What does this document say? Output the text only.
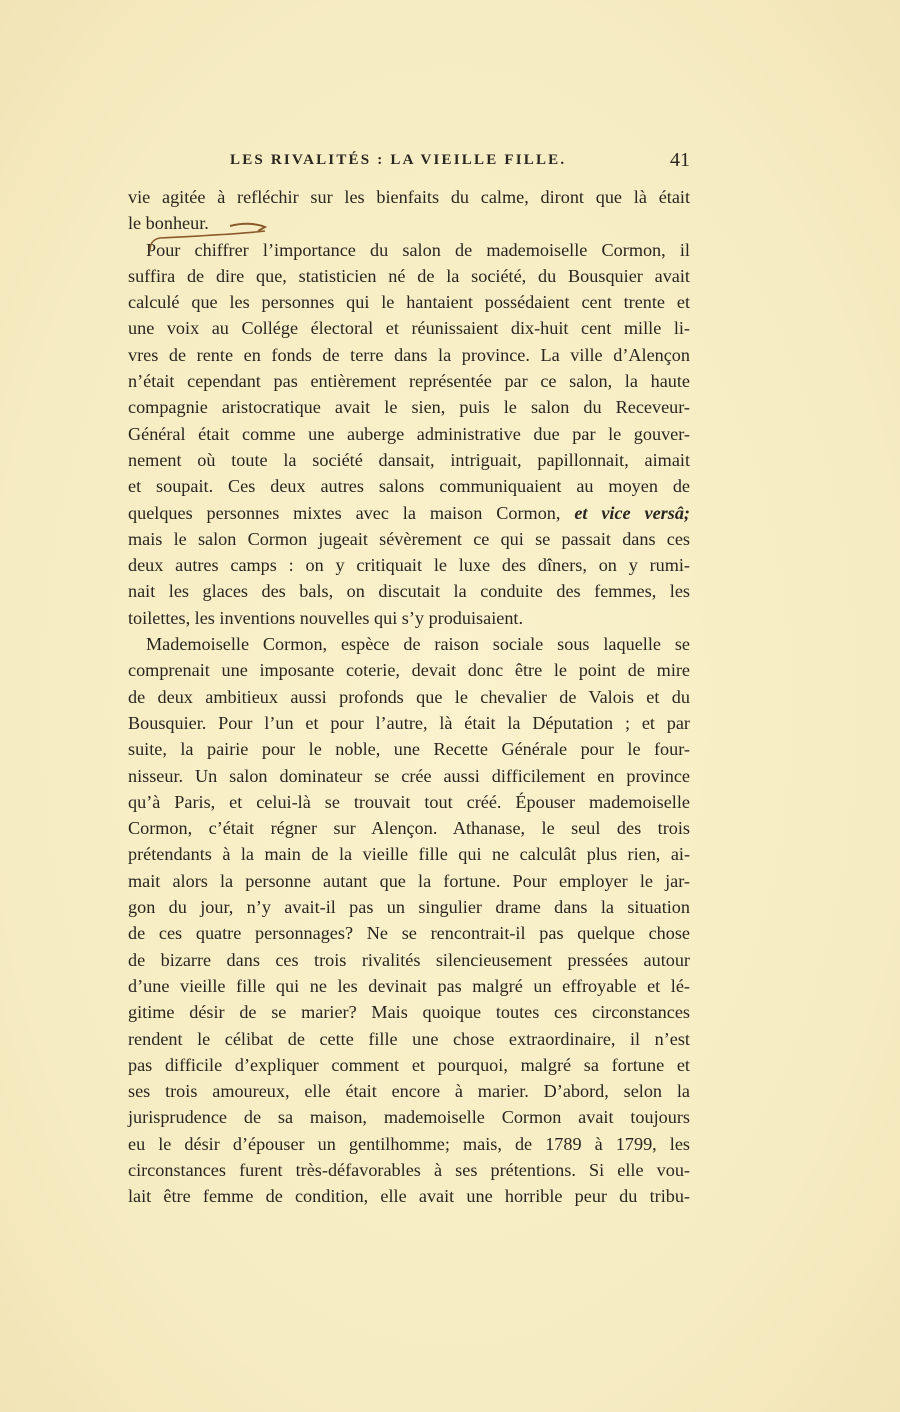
LES RIVALITÉS : LA VIEILLE FILLE.	41
vie agitée à refléchir sur les bienfaits du calme, diront que là était
le bonheur.
Pour chiffrer l’importance du salon de mademoiselle Cormon, il
suffira de dire que, statisticien né de la société, du Bousquier avait
calculé que les personnes qui le hantaient possédaient cent trente et
une voix au Collége électoral et réunissaient dix-huit cent mille li-
vres de rente en fonds de terre dans la province. La ville d’Alençon
n’était cependant pas entièrement représentée par ce salon, la haute
compagnie aristocratique avait le sien, puis le salon du Receveur-
Général était comme une auberge administrative due par le gouver-
nement où toute la société dansait, intriguait, papillonnait, aimait
et soupait. Ces deux autres salons communiquaient au moyen de
quelques personnes mixtes avec la maison Cormon, et vice versâ;
mais le salon Cormon jugeait sévèrement ce qui se passait dans ces
deux autres camps : on y critiquait le luxe des dîners, on y rumi-
nait les glaces des bals, on discutait la conduite des femmes, les
toilettes, les inventions nouvelles qui s’y produisaient.
Mademoiselle Cormon, espèce de raison sociale sous laquelle se
comprenait une imposante coterie, devait donc être le point de mire
de deux ambitieux aussi profonds que le chevalier de Valois et du
Bousquier. Pour l’un et pour l’autre, là était la Députation ; et par
suite, la pairie pour le noble, une Recette Générale pour le four-
nisseur. Un salon dominateur se crée aussi difficilement en province
qu’à Paris, et celui-là se trouvait tout créé. Épouser mademoiselle
Cormon, c’était régner sur Alençon. Athanase, le seul des trois
prétendants à la main de la vieille fille qui ne calculât plus rien, ai-
mait alors la personne autant que la fortune. Pour employer le jar-
gon du jour, n’y avait-il pas un singulier drame dans la situation
de ces quatre personnages? Ne se rencontrait-il pas quelque chose
de bizarre dans ces trois rivalités silencieusement pressées autour
d’une vieille fille qui ne les devinait pas malgré un effroyable et lé-
gitime désir de se marier? Mais quoique toutes ces circonstances
rendent le célibat de cette fille une chose extraordinaire, il n’est
pas difficile d’expliquer comment et pourquoi, malgré sa fortune et
ses trois amoureux, elle était encore à marier. D’abord, selon la
jurisprudence de sa maison, mademoiselle Cormon avait toujours
eu le désir d’épouser un gentilhomme; mais, de 1789 à 1799, les
circonstances furent très-défavorables à ses prétentions. Si elle vou-
lait être femme de condition, elle avait une horrible peur du tribu-
